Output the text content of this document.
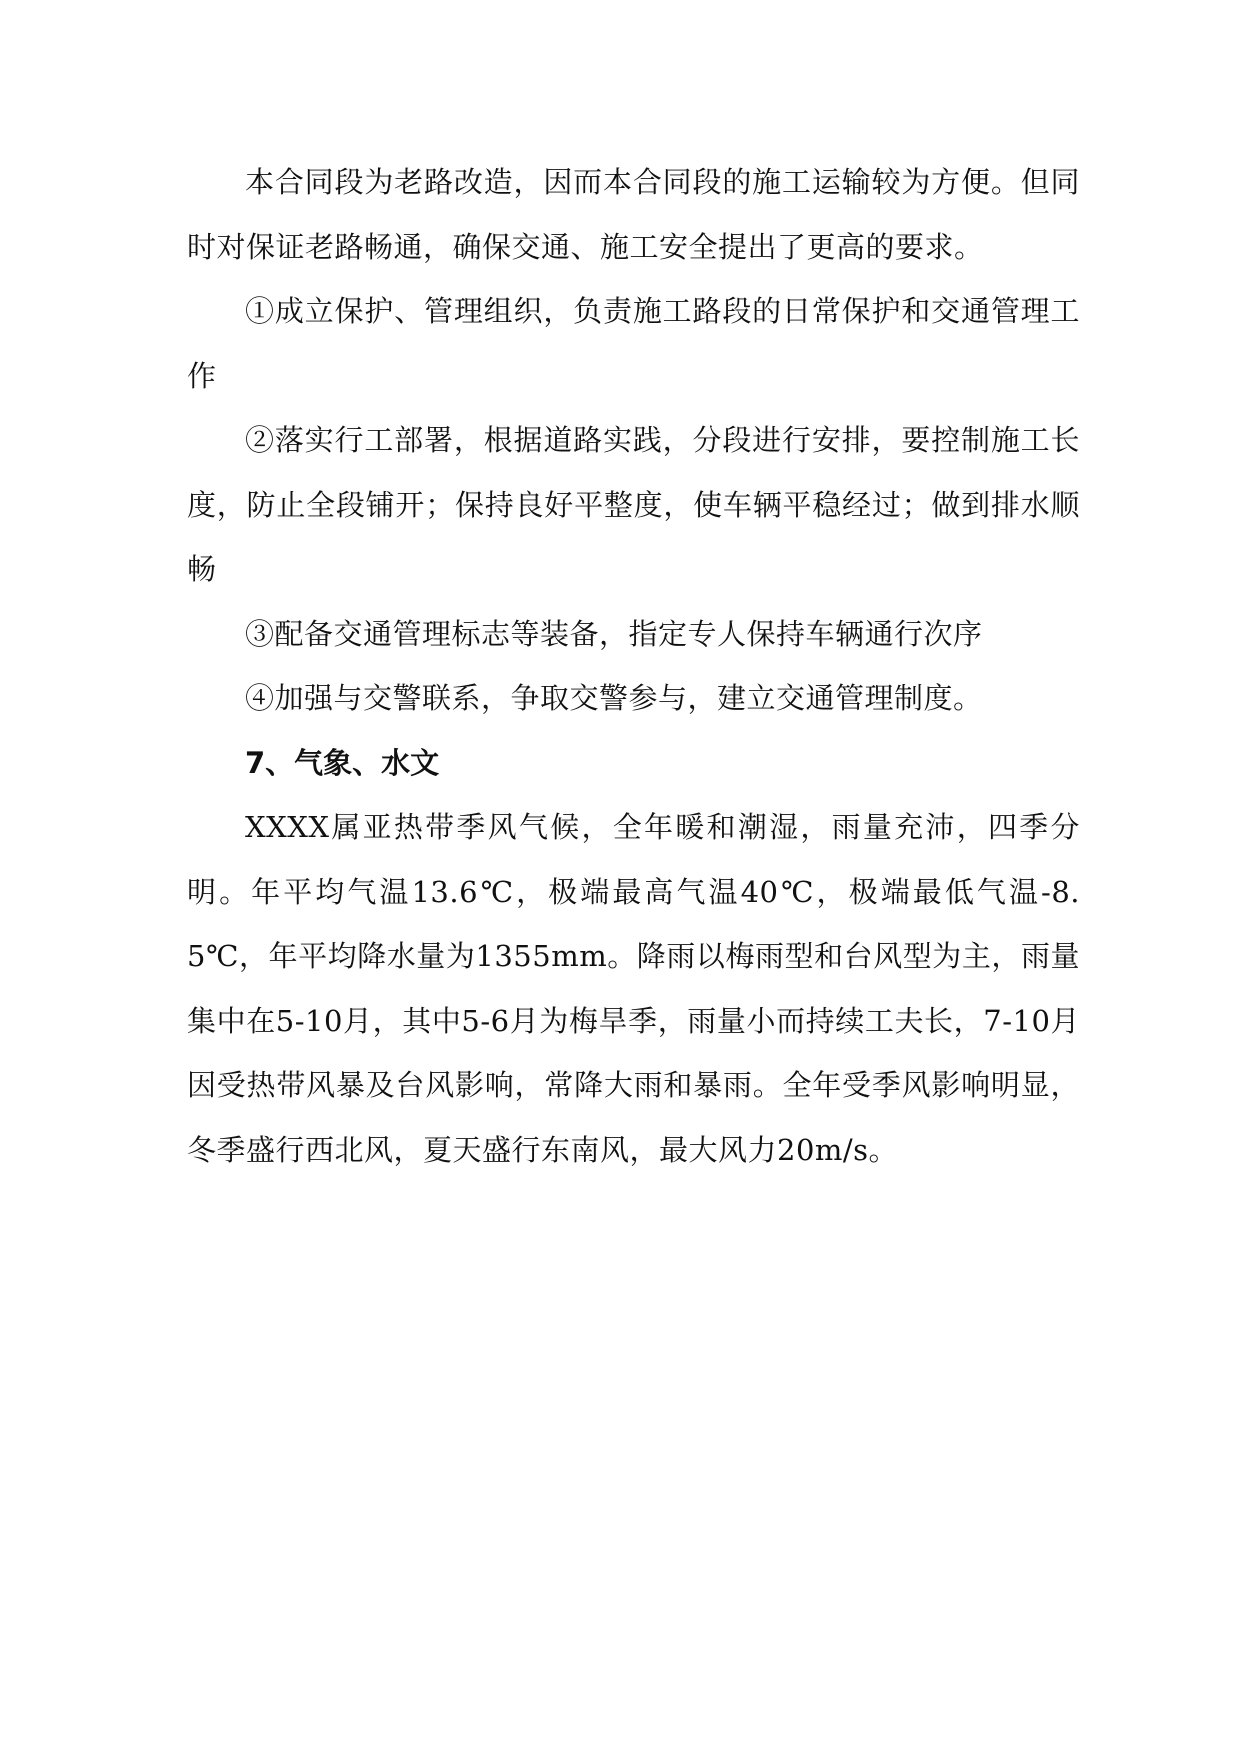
本合同段为老路改造，因而本合同段的施工运输较为方便。但同时对保证老路畅通，确保交通、施工安全提出了更高的要求。

①成立保护、管理组织，负责施工路段的日常保护和交通管理工作

②落实行工部署，根据道路实践，分段进行安排，要控制施工长度，防止全段铺开；保持良好平整度，使车辆平稳经过；做到排水顺畅

③配备交通管理标志等装备，指定专人保持车辆通行次序

④加强与交警联系，争取交警参与，建立交通管理制度。

7、气象、水文

XXXX属亚热带季风气候，全年暖和潮湿，雨量充沛，四季分明。年平均气温13.6℃，极端最高气温40℃，极端最低气温-8.5℃，年平均降水量为1355mm。降雨以梅雨型和台风型为主，雨量集中在5-10月，其中5-6月为梅旱季，雨量小而持续工夫长，7-10月因受热带风暴及台风影响，常降大雨和暴雨。全年受季风影响明显，冬季盛行西北风，夏天盛行东南风，最大风力20m/s。
